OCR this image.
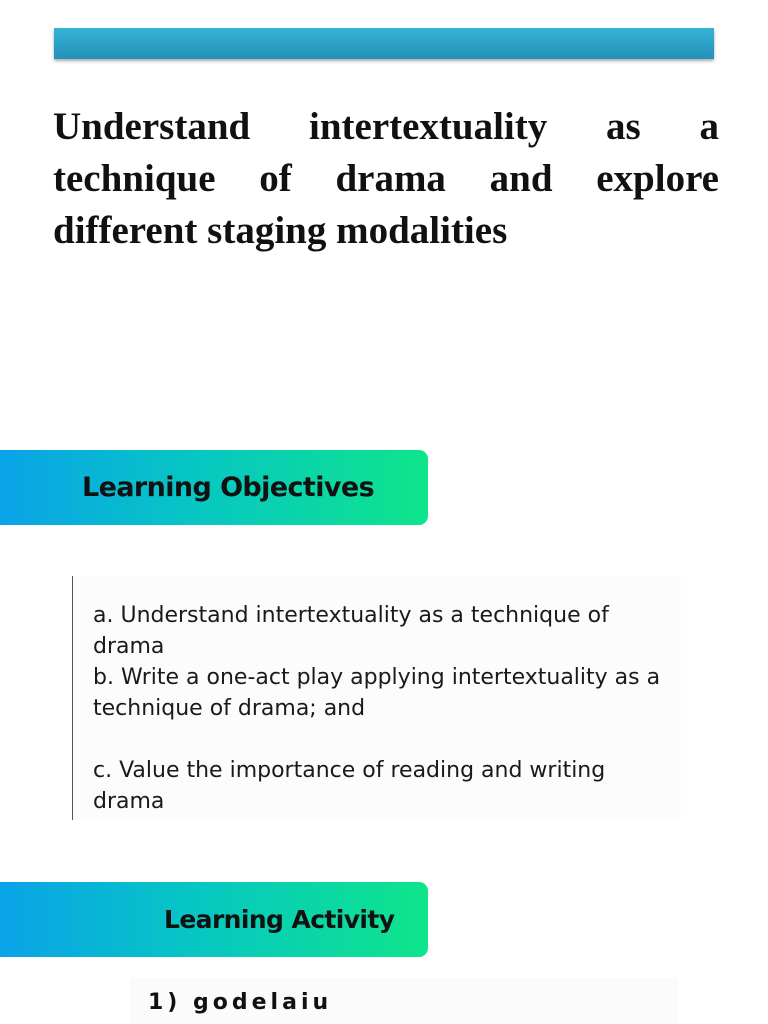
Understand intertextuality as a technique of drama and explore different staging modalities
Learning Objectives

a. Understand intertextuality as a technique of drama

b. Write a one-act play applying intertextuality as a technique of drama; and

c. Value the importance of reading and writing drama

Learning Activity

1) godelaiu
